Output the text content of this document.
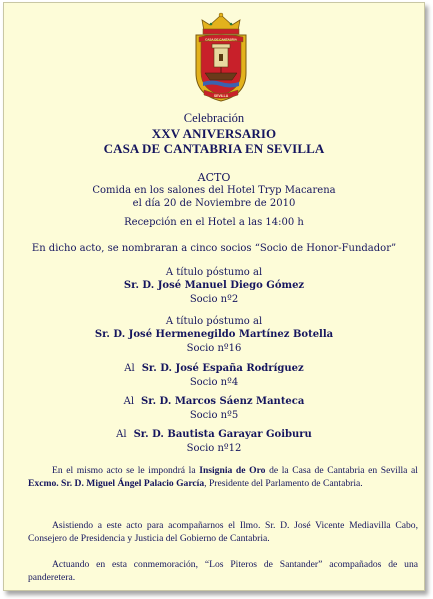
CASA DE CANTABRIA
SEVILLA
Celebración
XXV ANIVERSARIO
CASA DE CANTABRIA EN SEVILLA
ACTO
Comida en los salones del Hotel Tryp Macarena
el día 20 de Noviembre de 2010
Recepción en el Hotel a las 14:00 h
En dicho acto, se nombraran a cinco socios “Socio de Honor-Fundador”
A título póstumo al
Sr. D. José Manuel Diego Gómez
Socio nº2
A título póstumo al
Sr. D. José Hermenegildo Martínez Botella
Socio nº16
Al Sr. D. José España Rodríguez
Socio nº4
Al Sr. D. Marcos Sáenz Manteca
Socio nº5
Al Sr. D. Bautista Garayar Goiburu
Socio nº12
En el mismo acto se le impondrá la Insignia de Oro de la Casa de Cantabria en Sevilla al Excmo. Sr. D. Miguel Ángel Palacio García, Presidente del Parlamento de Cantabria.
Asistiendo a este acto para acompañarnos el Ilmo. Sr. D. José Vicente Mediavilla Cabo, Consejero de Presidencia y Justicia del Gobierno de Cantabria.
Actuando en esta conmemoración, “Los Piteros de Santander” acompañados de una panderetera.
